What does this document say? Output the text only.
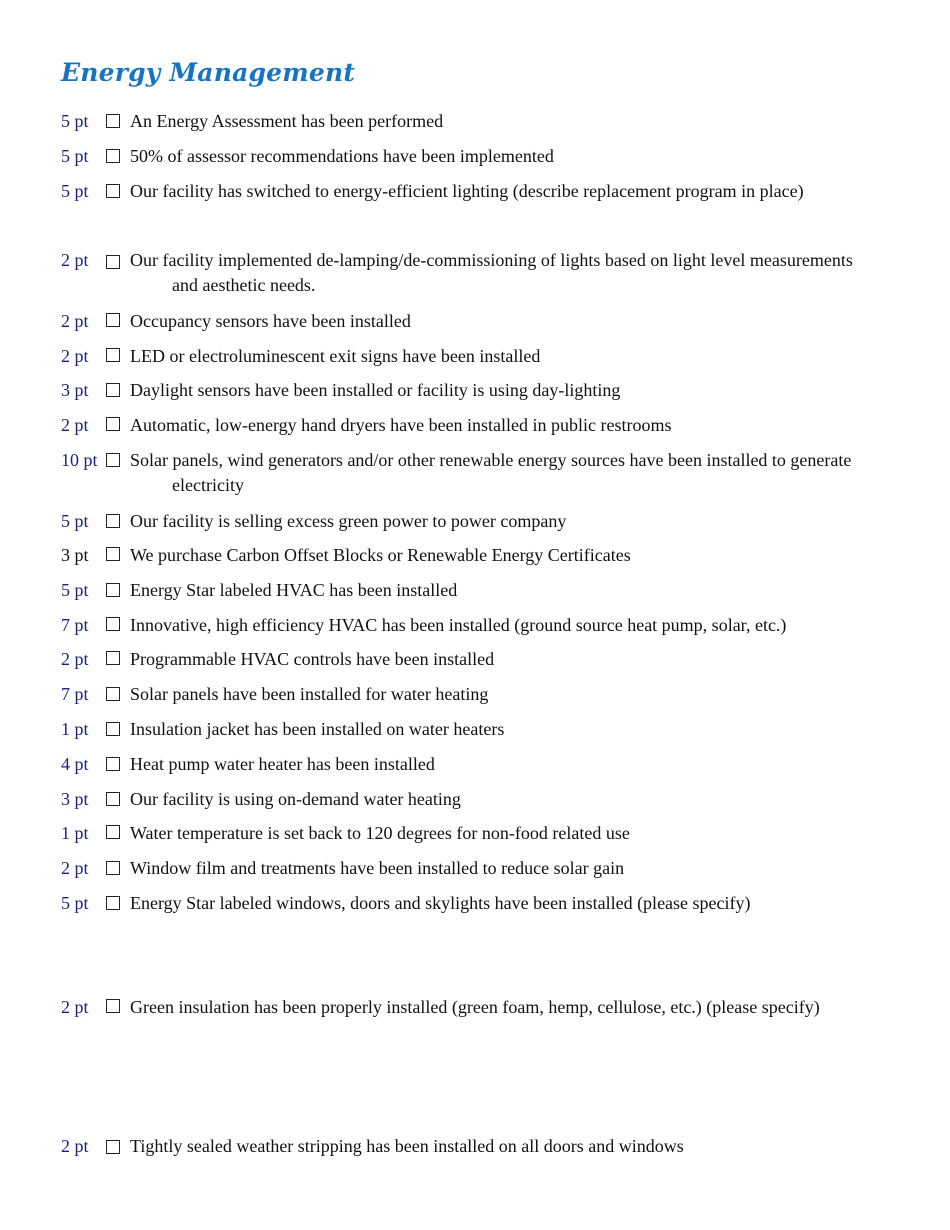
Energy Management
5 pt An Energy Assessment has been performed
5 pt 50% of assessor recommendations have been implemented
5 pt Our facility has switched to energy-efficient lighting (describe replacement program in place)
2 pt Our facility implemented de-lamping/de-commissioning of lights based on light level measurements
and aesthetic needs.
2 pt Occupancy sensors have been installed
2 pt LED or electroluminescent exit signs have been installed
3 pt Daylight sensors have been installed or facility is using day-lighting
2 pt Automatic, low-energy hand dryers have been installed in public restrooms
10 pt Solar panels, wind generators and/or other renewable energy sources have been installed to generate
electricity
5 pt Our facility is selling excess green power to power company
3 pt We purchase Carbon Offset Blocks or Renewable Energy Certificates
5 pt Energy Star labeled HVAC has been installed
7 pt Innovative, high efficiency HVAC has been installed (ground source heat pump, solar, etc.)
2 pt Programmable HVAC controls have been installed
7 pt Solar panels have been installed for water heating
1 pt Insulation jacket has been installed on water heaters
4 pt Heat pump water heater has been installed
3 pt Our facility is using on-demand water heating
1 pt Water temperature is set back to 120 degrees for non-food related use
2 pt Window film and treatments have been installed to reduce solar gain
5 pt Energy Star labeled windows, doors and skylights have been installed (please specify)
2 pt Green insulation has been properly installed (green foam, hemp, cellulose, etc.) (please specify)
2 pt Tightly sealed weather stripping has been installed on all doors and windows
